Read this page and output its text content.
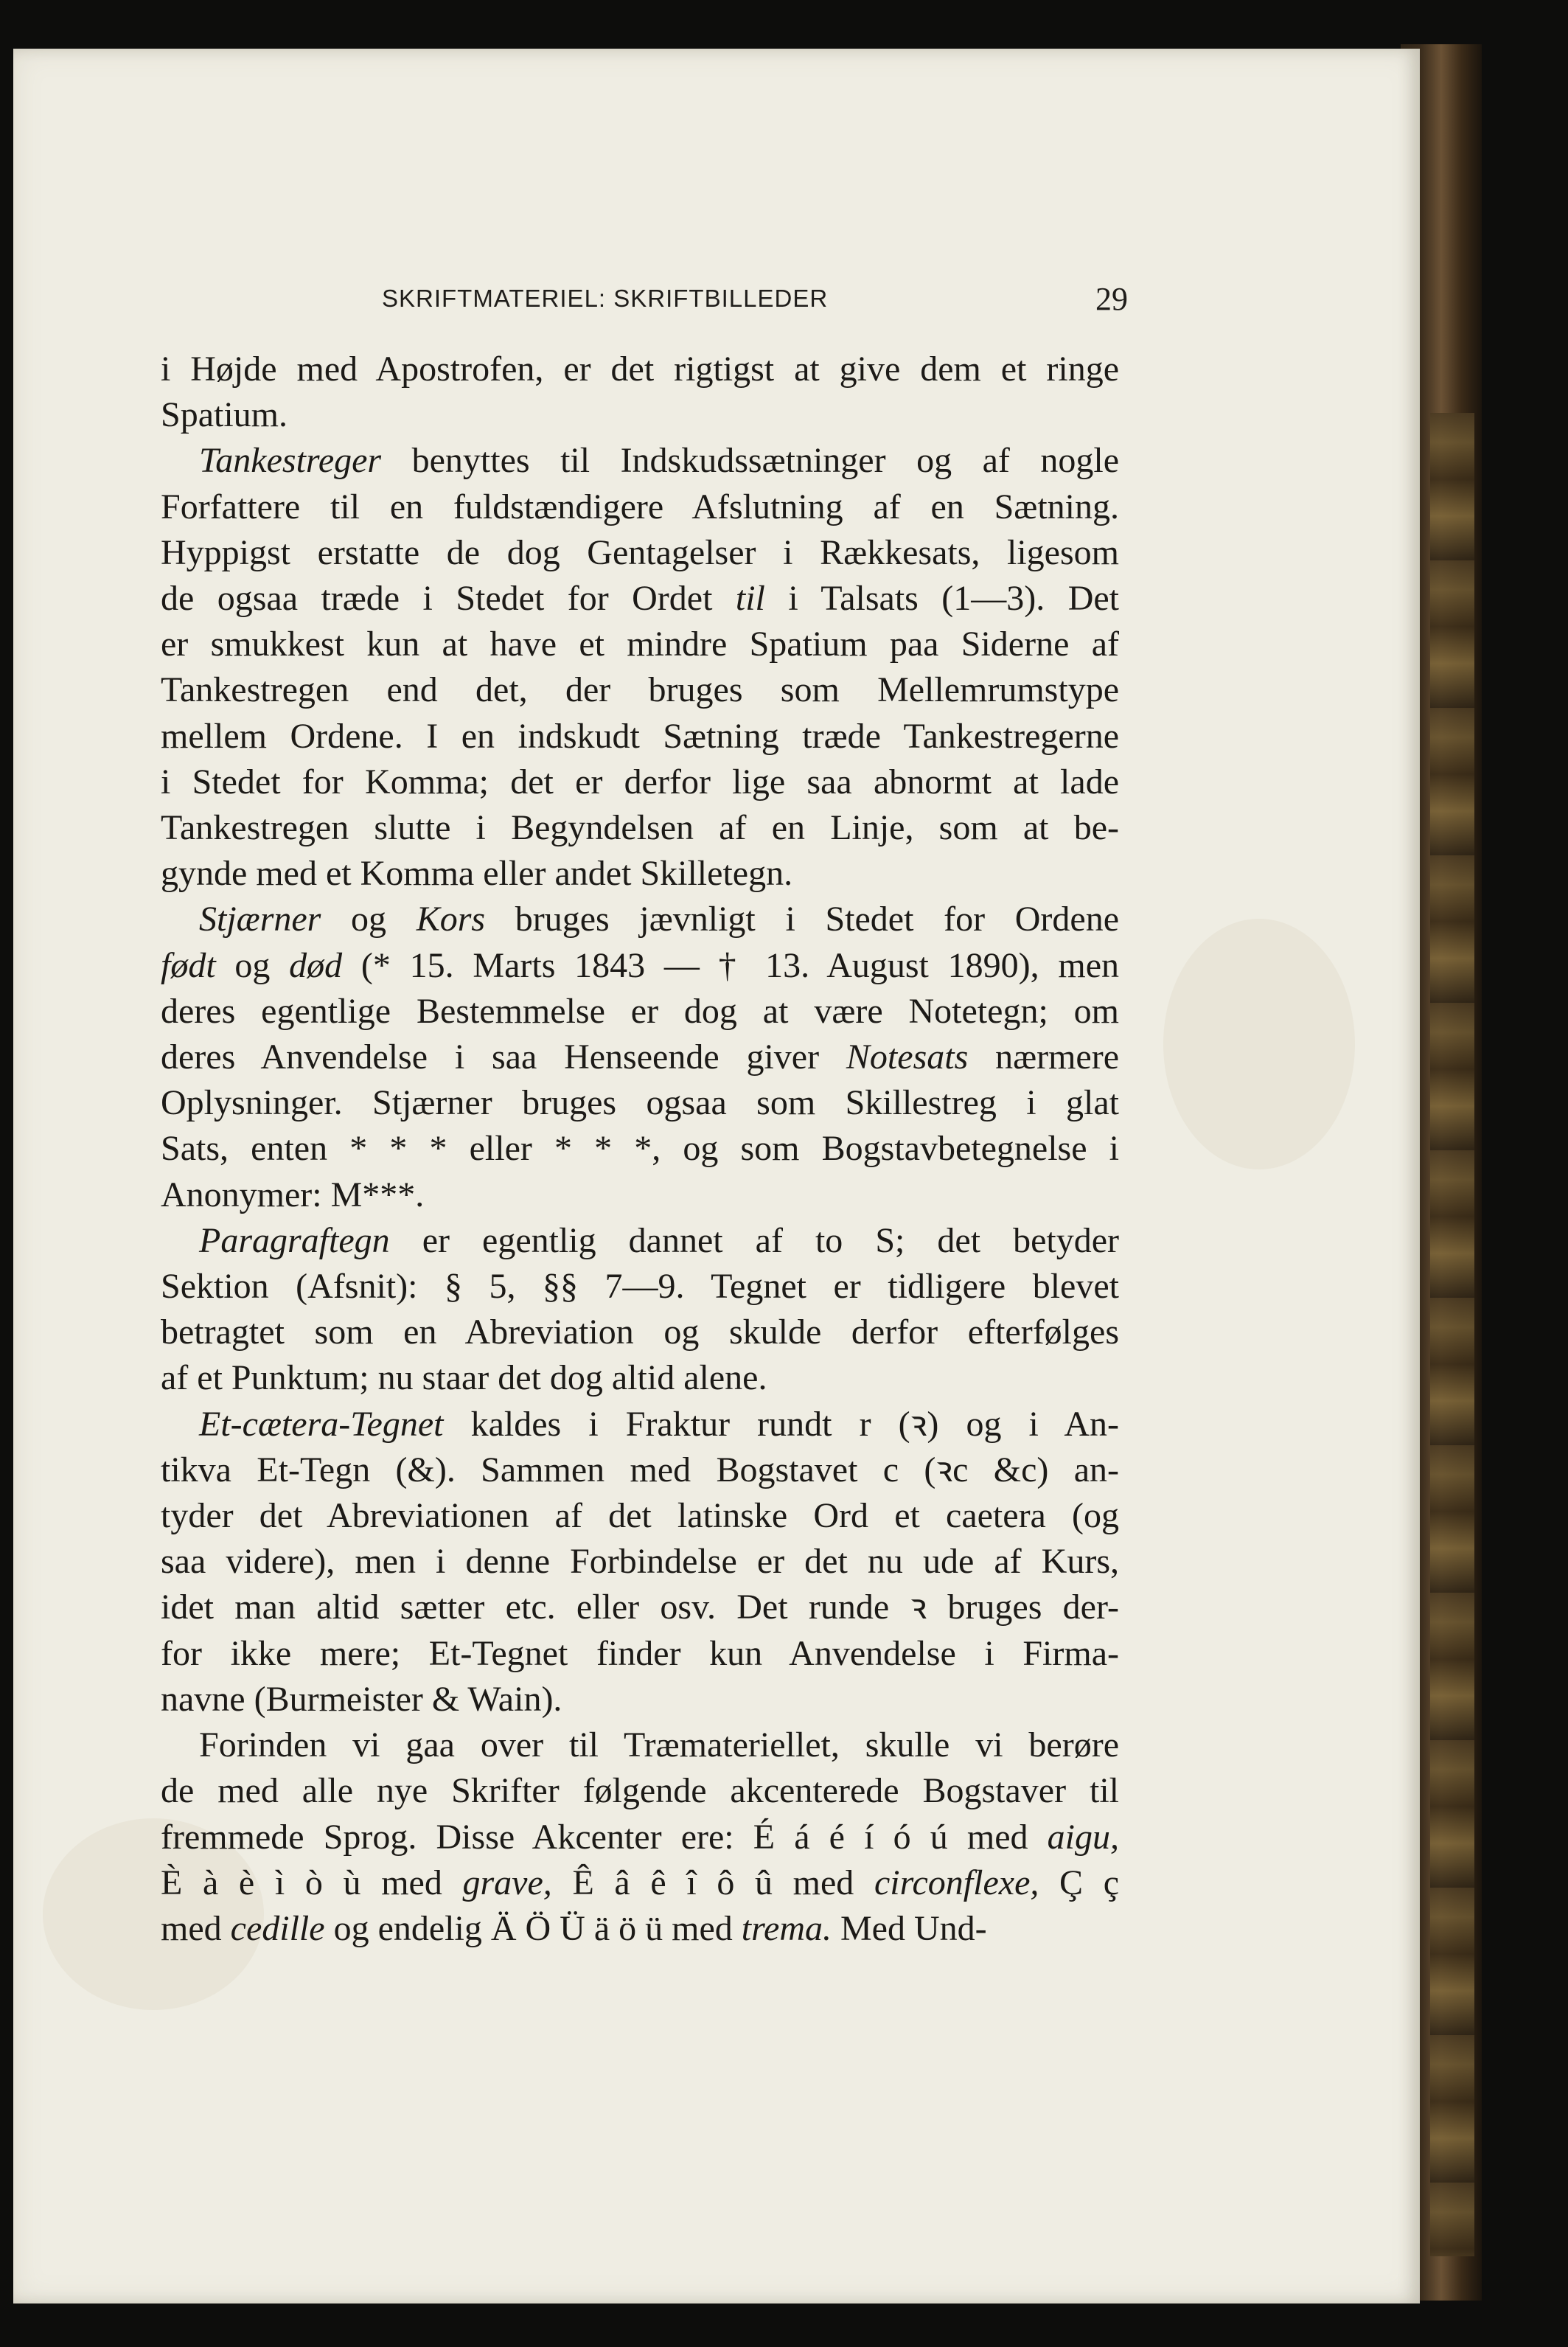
SKRIFTMATERIEL: SKRIFTBILLEDER	29
i Højde med Apostrofen, er det rigtigst at give dem et ringe
Spatium.
Tankestreger benyttes til Indskudssætninger og af nogle
Forfattere til en fuldstændigere Afslutning af en Sætning.
Hyppigst erstatte de dog Gentagelser i Rækkesats, ligesom
de ogsaa træde i Stedet for Ordet til i Talsats (1—3). Det
er smukkest kun at have et mindre Spatium paa Siderne af
Tankestregen end det, der bruges som Mellemrumstype
mellem Ordene. I en indskudt Sætning træde Tankestregerne
i Stedet for Komma; det er derfor lige saa abnormt at lade
Tankestregen slutte i Begyndelsen af en Linje, som at be-
gynde med et Komma eller andet Skilletegn.
Stjærner og Kors bruges jævnligt i Stedet for Ordene
født og død (* 15. Marts 1843 — † 13. August 1890), men
deres egentlige Bestemmelse er dog at være Notetegn; om
deres Anvendelse i saa Henseende giver Notesats nærmere
Oplysninger. Stjærner bruges ogsaa som Skillestreg i glat
Sats, enten * * * eller * * *, og som Bogstavbetegnelse i
Anonymer: M***.
Paragraftegn er egentlig dannet af to S; det betyder
Sektion (Afsnit): § 5, §§ 7—9. Tegnet er tidligere blevet
betragtet som en Abreviation og skulde derfor efterfølges
af et Punktum; nu staar det dog altid alene.
Et-cætera-Tegnet kaldes i Fraktur rundt r (ꝛ) og i An-
tikva Et-Tegn (&). Sammen med Bogstavet c (ꝛc &c) an-
tyder det Abreviationen af det latinske Ord et caetera (og
saa videre), men i denne Forbindelse er det nu ude af Kurs,
idet man altid sætter etc. eller osv. Det runde ꝛ bruges der-
for ikke mere; Et-Tegnet finder kun Anvendelse i Firma-
navne (Burmeister & Wain).
Forinden vi gaa over til Træmateriellet, skulle vi berøre
de med alle nye Skrifter følgende akcenterede Bogstaver til
fremmede Sprog. Disse Akcenter ere: É á é í ó ú med aigu,
È à è ì ò ù med grave, Ê â ê î ô û med circonflexe, Ç ç
med cedille og endelig Ä Ö Ü ä ö ü med trema. Med Und-
